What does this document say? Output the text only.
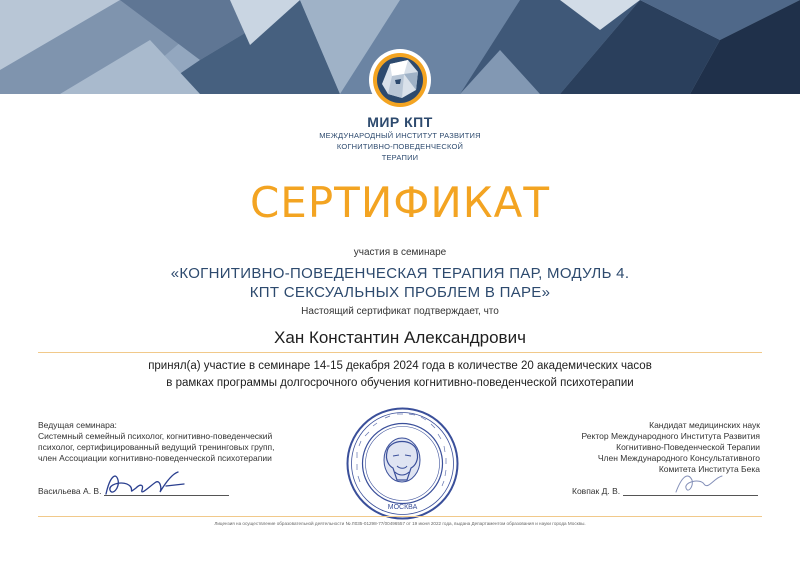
МИР КПТ
МЕЖДУНАРОДНЫЙ ИНСТИТУТ РАЗВИТИЯ
КОГНИТИВНО-ПОВЕДЕНЧЕСКОЙ
ТЕРАПИИ
СЕРТИФИКАТ
участия в семинаре
«КОГНИТИВНО-ПОВЕДЕНЧЕСКАЯ ТЕРАПИЯ ПАР, МОДУЛЬ 4.
КПТ СЕКСУАЛЬНЫХ ПРОБЛЕМ В ПАРЕ»
Настоящий сертификат подтверждает, что
Хан Константин Александрович
принял(а) участие в семинаре 14-15 декабря 2024 года в количестве 20 академических часов
в рамках программы долгосрочного обучения когнитивно-поведенческой психотерапии
Ведущая семинара:
Системный семейный психолог, когнитивно-поведенческий
психолог, сертифицированный ведущий тренинговых групп,
член Ассоциации когнитивно-поведенческой психотерапии
Васильева А. В.
МОСКВА
Кандидат медицинских наук
Ректор Международного Института Развития
Когнитивно-Поведенческой Терапии
Член Международного Консультативного
Комитета Института Бека
Ковпак Д. В.
Лицензия на осуществление образовательной деятельности № Л035-01298-77/00496557 от 19 июня 2022 года, выдана Департаментом образования и науки города Москвы.
